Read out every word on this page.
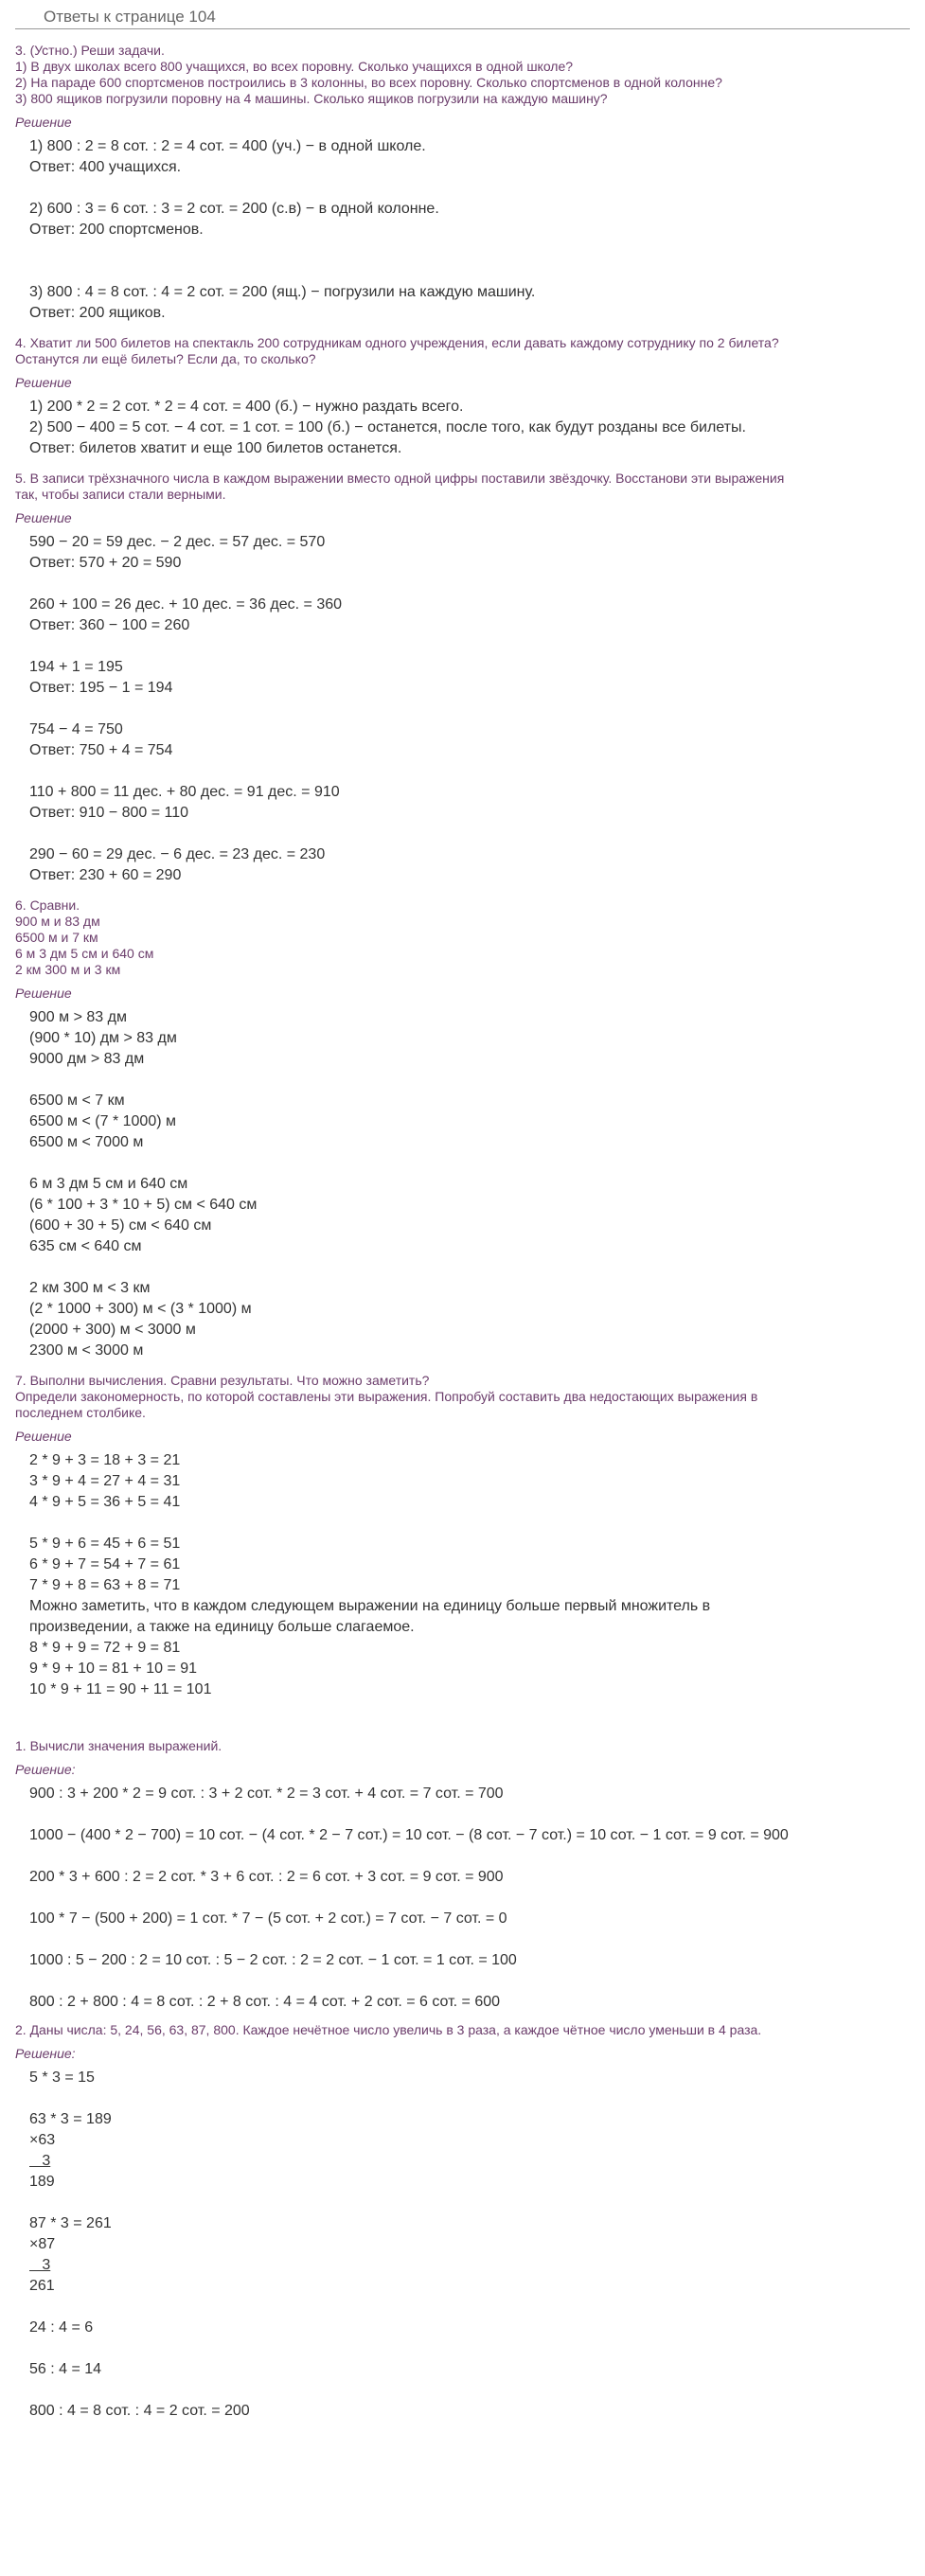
Ответы к странице 104
3. (Устно.) Реши задачи.
1) В двух школах всего 800 учащихся, во всех поровну. Сколько учащихся в одной школе?
2) На параде 600 спортсменов построились в 3 колонны, во всех поровну. Сколько спортсменов в одной колонне?
3) 800 ящиков погрузили поровну на 4 машины. Сколько ящиков погрузили на каждую машину?
Решение
1) 800 : 2 = 8 сот. : 2 = 4 сот. = 400 (уч.) − в одной школе.
Ответ: 400 учащихся.
2) 600 : 3 = 6 сот. : 3 = 2 сот. = 200 (с.в) − в одной колонне.
Ответ: 200 спортсменов.
3) 800 : 4 = 8 сот. : 4 = 2 сот. = 200 (ящ.) − погрузили на каждую машину.
Ответ: 200 ящиков.
4. Хватит ли 500 билетов на спектакль 200 сотрудникам одного учреждения, если давать каждому сотруднику по 2 билета?
Останутся ли ещё билеты? Если да, то сколько?
Решение
1) 200 * 2 = 2 сот. * 2 = 4 сот. = 400 (б.) − нужно раздать всего.
2) 500 − 400 = 5 сот. − 4 сот. = 1 сот. = 100 (б.) − останется, после того, как будут розданы все билеты.
Ответ: билетов хватит и еще 100 билетов останется.
5. В записи трёхзначного числа в каждом выражении вместо одной цифры поставили звёздочку. Восстанови эти выражения
так, чтобы записи стали верными.
Решение
590 − 20 = 59 дес. − 2 дес. = 57 дес. = 570
Ответ: 570 + 20 = 590
260 + 100 = 26 дес. + 10 дес. = 36 дес. = 360
Ответ: 360 − 100 = 260
194 + 1 = 195
Ответ: 195 − 1 = 194
754 − 4 = 750
Ответ: 750 + 4 = 754
110 + 800 = 11 дес. + 80 дес. = 91 дес. = 910
Ответ: 910 − 800 = 110
290 − 60 = 29 дес. − 6 дес. = 23 дес. = 230
Ответ: 230 + 60 = 290
6. Сравни.
900 м и 83 дм
6500 м и 7 км
6 м 3 дм 5 см и 640 см
2 км 300 м и 3 км
Решение
900 м > 83 дм
(900 * 10) дм > 83 дм
9000 дм > 83 дм
6500 м < 7 км
6500 м < (7 * 1000) м
6500 м < 7000 м
6 м 3 дм 5 см и 640 см
(6 * 100 + 3 * 10 + 5) см < 640 см
(600 + 30 + 5) см < 640 см
635 см < 640 см
2 км 300 м < 3 км
(2 * 1000 + 300) м < (3 * 1000) м
(2000 + 300) м < 3000 м
2300 м < 3000 м
7. Выполни вычисления. Сравни результаты. Что можно заметить?
Определи закономерность, по которой составлены эти выражения. Попробуй составить два недостающих выражения в
последнем столбике.
Решение
2 * 9 + 3 = 18 + 3 = 21
3 * 9 + 4 = 27 + 4 = 31
4 * 9 + 5 = 36 + 5 = 41
5 * 9 + 6 = 45 + 6 = 51
6 * 9 + 7 = 54 + 7 = 61
7 * 9 + 8 = 63 + 8 = 71
Можно заметить, что в каждом следующем выражении на единицу больше первый множитель в
произведении, а также на единицу больше слагаемое.
8 * 9 + 9 = 72 + 9 = 81
9 * 9 + 10 = 81 + 10 = 91
10 * 9 + 11 = 90 + 11 = 101
1. Вычисли значения выражений.
Решение:
900 : 3 + 200 * 2 = 9 сот. : 3 + 2 сот. * 2 = 3 сот. + 4 сот. = 7 сот. = 700
1000 − (400 * 2 − 700) = 10 сот. − (4 сот. * 2 − 7 сот.) = 10 сот. − (8 сот. − 7 сот.) = 10 сот. − 1 сот. = 9 сот. = 900
200 * 3 + 600 : 2 = 2 сот. * 3 + 6 сот. : 2 = 6 сот. + 3 сот. = 9 сот. = 900
100 * 7 − (500 + 200) = 1 сот. * 7 − (5 сот. + 2 сот.) = 7 сот. − 7 сот. = 0
1000 : 5 − 200 : 2 = 10 сот. : 5 − 2 сот. : 2 = 2 сот. − 1 сот. = 1 сот. = 100
800 : 2 + 800 : 4 = 8 сот. : 2 + 8 сот. : 4 = 4 сот. + 2 сот. = 6 сот. = 600
2. Даны числа: 5, 24, 56, 63, 87, 800. Каждое нечётное число увеличь в 3 раза, а каждое чётное число уменьши в 4 раза.
Решение:
5 * 3 = 15
63 * 3 = 189
×63
3
189
87 * 3 = 261
×87
3
261
24 : 4 = 6
56 : 4 = 14
800 : 4 = 8 сот. : 4 = 2 сот. = 200
